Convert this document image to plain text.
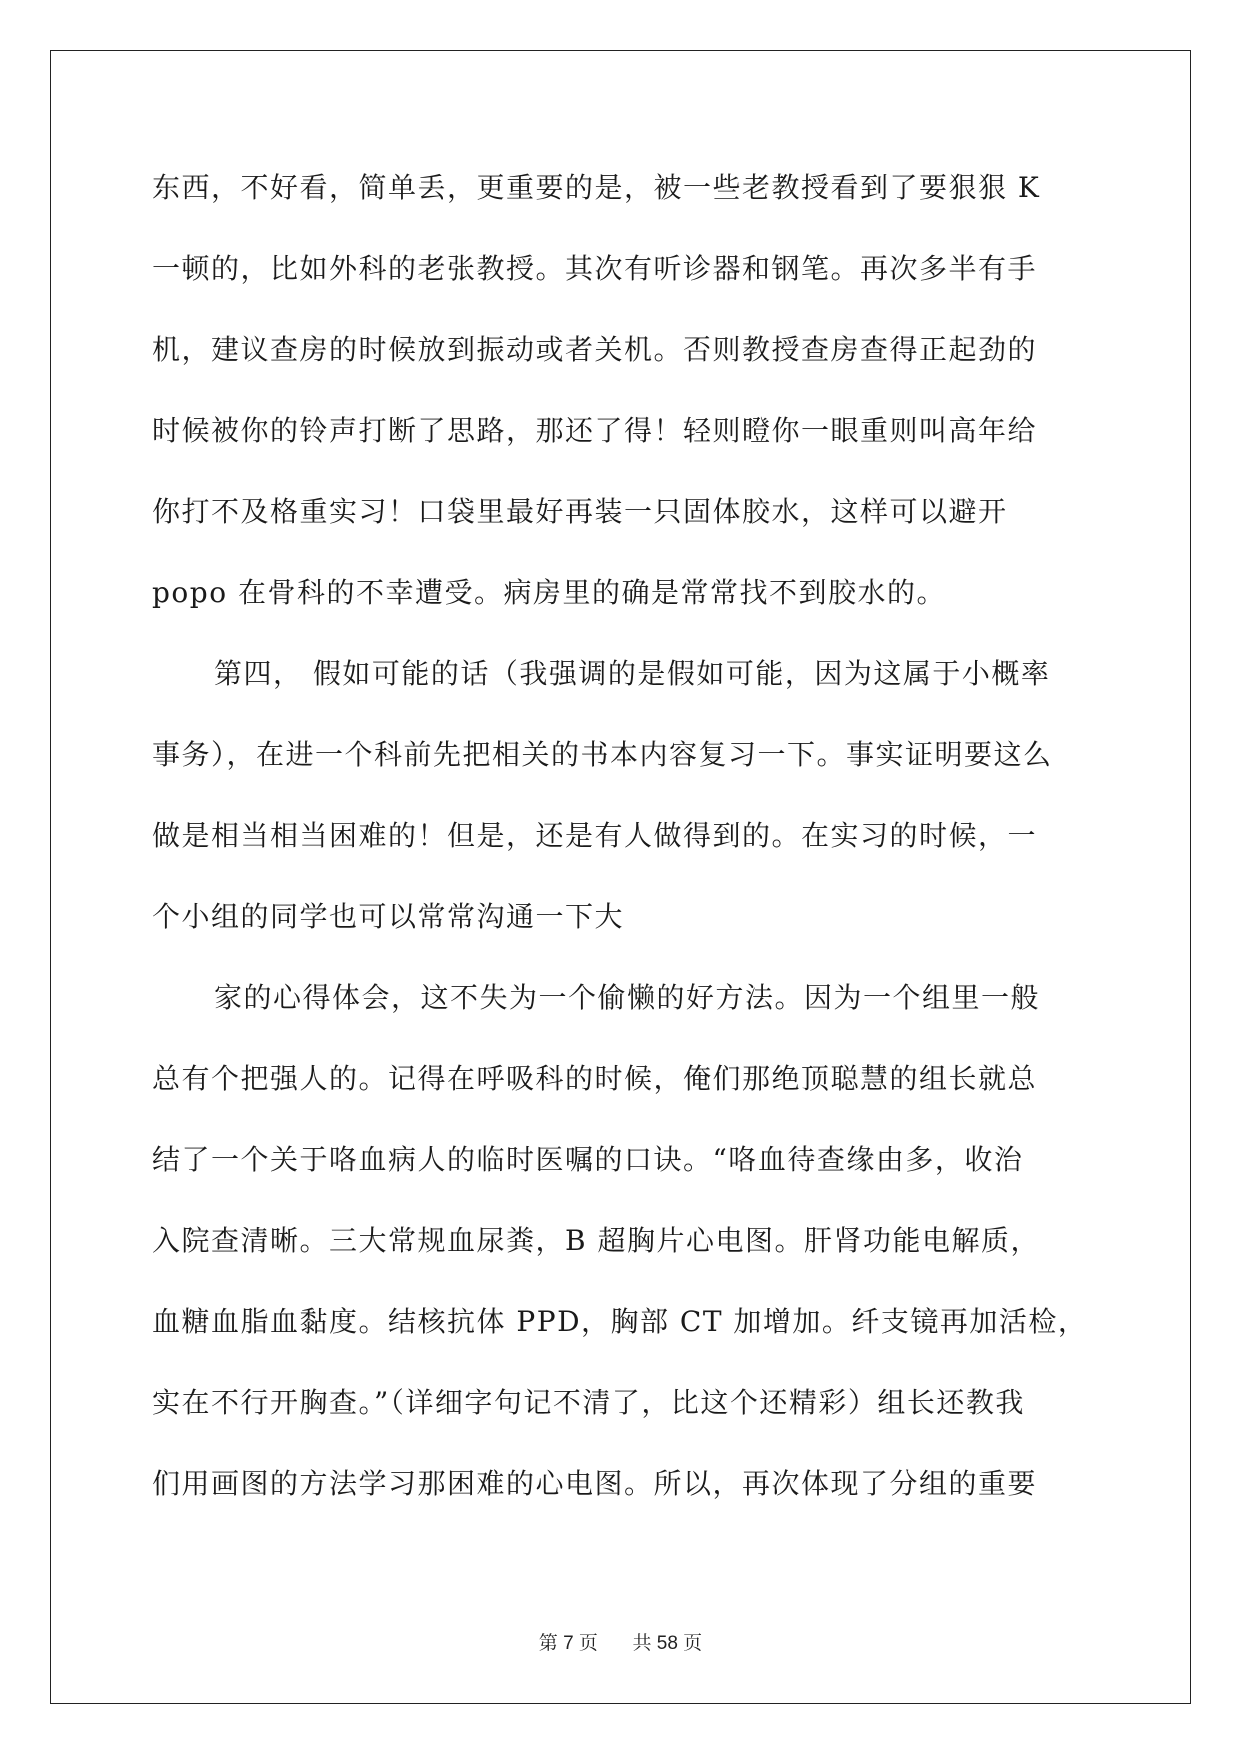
东西，不好看，简单丢，更重要的是，被一些老教授看到了要狠狠 K
一顿的，比如外科的老张教授。其次有听诊器和钢笔。再次多半有手
机，建议查房的时候放到振动或者关机。否则教授查房查得正起劲的
时候被你的铃声打断了思路，那还了得！轻则瞪你一眼重则叫高年给
你打不及格重实习！口袋里最好再装一只固体胶水，这样可以避开
popo 在骨科的不幸遭受。病房里的确是常常找不到胶水的。
第四， 假如可能的话（我强调的是假如可能，因为这属于小概率
事务），在进一个科前先把相关的书本内容复习一下。事实证明要这么
做是相当相当困难的！但是，还是有人做得到的。在实习的时候，一
个小组的同学也可以常常沟通一下大
家的心得体会，这不失为一个偷懒的好方法。因为一个组里一般
总有个把强人的。记得在呼吸科的时候，俺们那绝顶聪慧的组长就总
结了一个关于咯血病人的临时医嘱的口诀。“咯血待查缘由多，收治
入院查清晰。三大常规血尿粪，B 超胸片心电图。肝肾功能电解质，
血糖血脂血黏度。结核抗体 PPD，胸部 CT 加增加。纤支镜再加活检，
实在不行开胸查。”（详细字句记不清了，比这个还精彩）组长还教我
们用画图的方法学习那困难的心电图。所以，再次体现了分组的重要
第 7 页 共 58 页
